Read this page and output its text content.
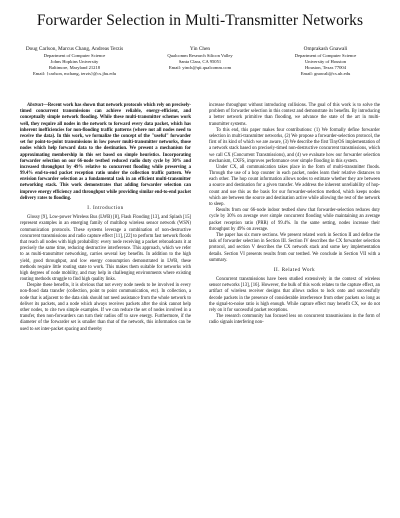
Forwarder Selection in Multi-Transmitter Networks
Doug Carlson, Marcus Chang, Andreas Terzis
Department of Computer Science
Johns Hopkins University
Baltimore, Maryland 21218
Email: {carlson, mchang, terzis}@cs.jhu.edu
Yin Chen
Qualcomm Research Silicon Valley
Santa Clara, CA 95051
Email: yinch@qti.qualcomm.com
Omprakash Gnawali
Department of Computer Science
University of Houston
Houston, Texas 77004
Email: gnawali@cs.uh.edu

Abstract—Recent work has shown that network protocols which rely on precisely-timed concurrent transmissions can achieve reliable, energy-efficient, and conceptually simple network flooding. While these multi-transmitter schemes work well, they require all nodes in the network to forward every data packet, which has inherent inefficiencies for non-flooding traffic patterns (where not all nodes need to receive the data). In this work, we formalize the concept of the "useful" forwarder set for point-to-point transmissions in low power multi-transmitter networks, those nodes which help forward data to the destination. We present a mechanism for approximating membership in this set based on simple heuristics. Incorporating forwarder selection on our 66-node testbed reduced radio duty cycle by 30% and increased throughput by 49% relative to concurrent flooding while preserving a 99.4% end-to-end packet reception ratio under the collection traffic pattern. We envision forwarder selection as a fundamental task in an efficient multi-transmitter networking stack. This work demonstrates that adding forwarder selection can improve energy efficiency and throughput while providing similar end-to-end packet delivery rates to flooding.

I. Introduction

Glossy [9], Low-power Wireless Bus (LWB) [8], Flash Flooding [13], and Splash [15] represent examples in an emerging family of multihop wireless sensor network (WSN) communication protocols. These systems leverage a combination of non-destructive concurrent transmissions and radio capture effect [11], [22] to perform fast network floods that reach all nodes with high probability: every node receiving a packet rebroadcasts it at precisely the same time, reducing destructive interference. This approach, which we refer to as multi-transmitter networking, carries several key benefits. In addition to the high yield, good throughput, and low energy consumption demonstrated in LWB, these methods require little routing state to work. This makes them suitable for networks with high degrees of node mobility, and may help in challenging environments where existing routing methods struggle to find high quality links.

Despite these benefits, it is obvious that not every node needs to be involved in every non-flood data transfer (collection, point to point communication, etc). In collection, a node that is adjacent to the data sink should not need assistance from the whole network to deliver its packets, and a node which always receives packets after the sink cannot help other nodes, to cite two simple examples. If we can reduce the set of nodes involved in a transfer, then non-forwarders can turn their radios off to save energy. Furthermore, if the diameter of the forwarder set is smaller than that of the network, this information can be used to set inter-packet spacing and thereby

increase throughput without introducing collisions. The goal of this work is to solve the problem of forwarder selection in this context and demonstrate its benefits. By introducing a better network primitive than flooding, we advance the state of the art in multi-transmitter systems.

To this end, this paper makes four contributions: (1) We formally define forwarder selection in multi-transmitter networks, (2) We propose a forwarder-selection protocol, the first of its kind of which we are aware, (3) We describe the first TinyOS implementation of a network stack based on precisely-timed non-destructive concurrent transmissions, which we call CX (Concurrent Transmissions), and (4) we evaluate how our forwarder selection mechanism, CXFS, improves performance over simple flooding in this system.

Under CX, all communication takes place in the form of multi-transmitter floods. Through the use of a hop counter in each packet, nodes learn their relative distances to each other. The hop count information allows nodes to estimate whether they are between a source and destination for a given transfer. We address the inherent unreliability of hop-count and use this as the basis for our forwarder-selection method, which keeps nodes which are between the source and destination active while allowing the rest of the network to sleep.

Results from our 66-node indoor testbed show that forwarder-selection reduces duty cycle by 30% on average over simple concurrent flooding while maintaining an average packet reception ratio (PRR) of 99.4%. In the same setting, nodes increase their throughput by 49% on average.

The paper has six more sections. We present related work in Section II and define the task of forwarder selection in Section III. Section IV describes the CX forwarder selection protocol, and section V describes the CX network stack and some key implementation details. Section VI presents results from our testbed. We conclude in Section VII with a summary.

II. Related Work

Concurrent transmissions have been studied extensively in the context of wireless sensor networks [13], [16]. However, the bulk of this work relates to the capture effect, an artifact of wireless receiver designs that allows radios to lock onto and successfully decode packets in the presence of considerable interference from other packets so long as the signal-to-noise ratio is high enough. While capture effect may benefit CX, we do not rely on it for successful packet receptions.

The research community has focused less on concurrent transmissions in the form of radio signals interfering non-
